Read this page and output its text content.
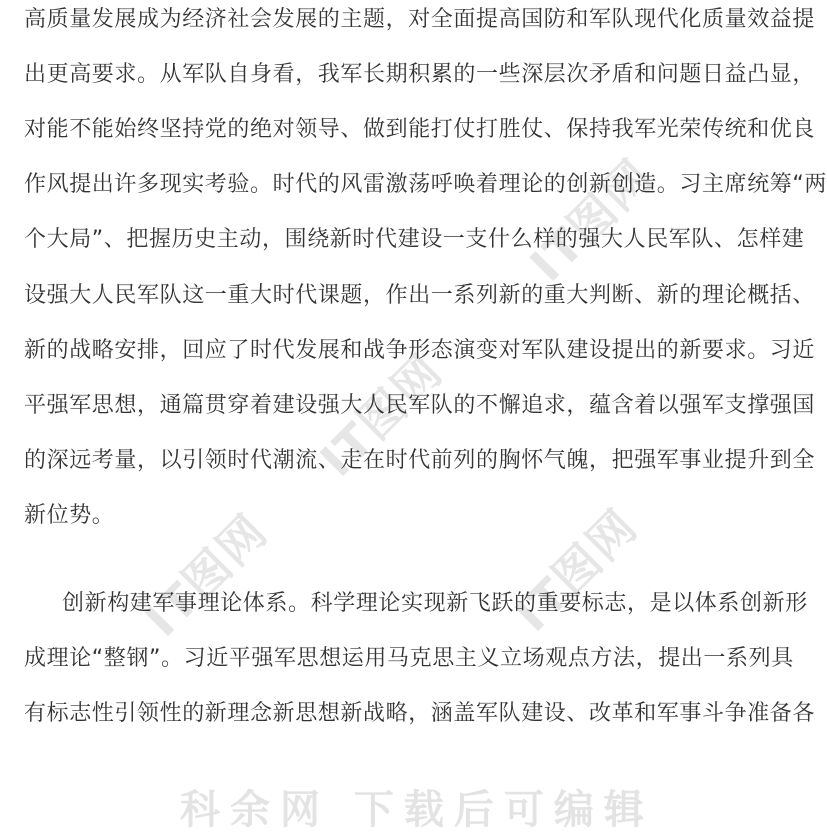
IT图网
IT图网
IT图网	IT图网
高质量发展成为经济社会发展的主题，对全面提高国防和军队现代化质量效益提
出更高要求。从军队自身看，我军长期积累的一些深层次矛盾和问题日益凸显，
对能不能始终坚持党的绝对领导、做到能打仗打胜仗、保持我军光荣传统和优良
作风提出许多现实考验。时代的风雷激荡呼唤着理论的创新创造。习主席统筹“两
个大局”、把握历史主动，围绕新时代建设一支什么样的强大人民军队、怎样建
设强大人民军队这一重大时代课题，作出一系列新的重大判断、新的理论概括、
新的战略安排，回应了时代发展和战争形态演变对军队建设提出的新要求。习近
平强军思想，通篇贯穿着建设强大人民军队的不懈追求，蕴含着以强军支撑强国
的深远考量，以引领时代潮流、走在时代前列的胸怀气魄，把强军事业提升到全
新位势。
创新构建军事理论体系。科学理论实现新飞跃的重要标志，是以体系创新形
成理论“整钢”。习近平强军思想运用马克思主义立场观点方法，提出一系列具
有标志性引领性的新理念新思想新战略，涵盖军队建设、改革和军事斗争准备各
科余网 下载后可编辑
